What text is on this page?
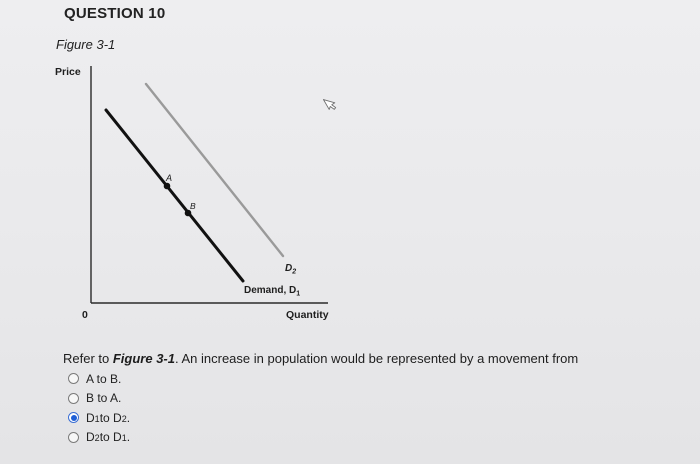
QUESTION 10
Figure 3-1
Price
Quantity
0
A
B
$D_2$
Demand, $D_1$
Refer to Figure 3-1. An increase in population would be represented by a movement from
A to B .
B to A .
D 1 to D 2 .
D 2 to D 1 .
